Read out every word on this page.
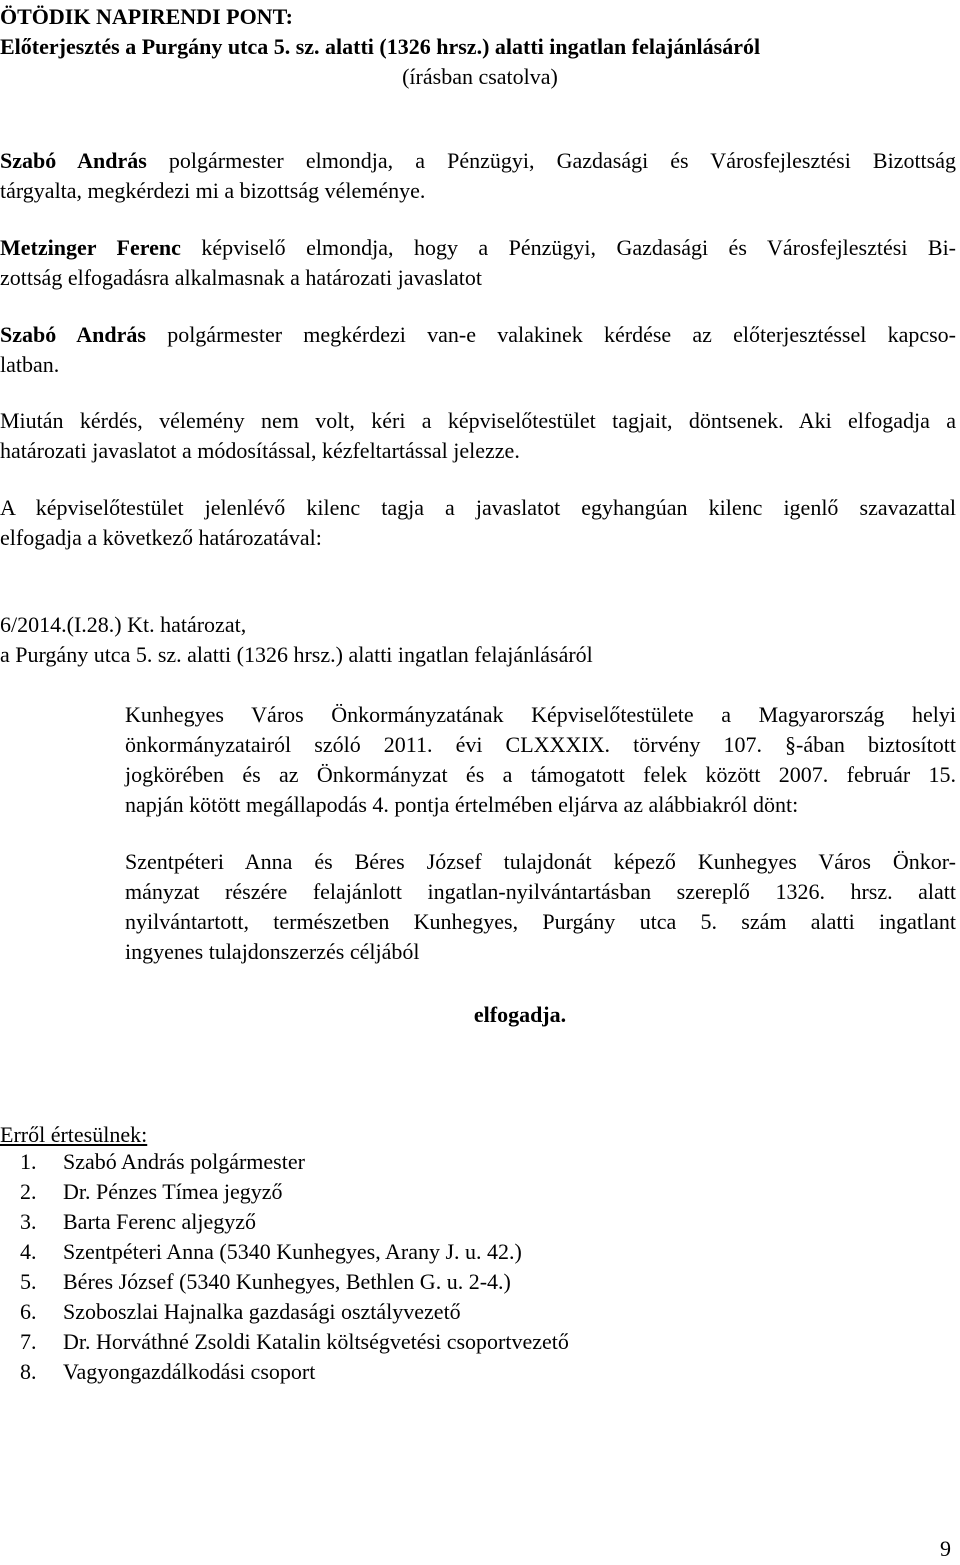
ÖTÖDIK NAPIRENDI PONT:
Előterjesztés a Purgány utca 5. sz. alatti (1326 hrsz.) alatti ingatlan felajánlásáról
(írásban csatolva)
Szabó András polgármester elmondja, a Pénzügyi, Gazdasági és Városfejlesztési Bizottság
tárgyalta, megkérdezi mi a bizottság véleménye.
Metzinger Ferenc képviselő elmondja, hogy a Pénzügyi, Gazdasági és Városfejlesztési Bi-
zottság elfogadásra alkalmasnak a határozati javaslatot
Szabó András polgármester megkérdezi van-e valakinek kérdése az előterjesztéssel kapcso-
latban.
Miután kérdés, vélemény nem volt, kéri a képviselőtestület tagjait, döntsenek. Aki elfogadja a
határozati javaslatot a módosítással, kézfeltartással jelezze.
A képviselőtestület jelenlévő kilenc tagja a javaslatot egyhangúan kilenc igenlő szavazattal
elfogadja a következő határozatával:
6/2014.(I.28.) Kt. határozat,
a Purgány utca 5. sz. alatti (1326 hrsz.) alatti ingatlan felajánlásáról
Kunhegyes Város Önkormányzatának Képviselőtestülete a Magyarország helyi
önkormányzatairól szóló 2011. évi CLXXXIX. törvény 107. §-ában biztosított
jogkörében és az Önkormányzat és a támogatott felek között 2007. február 15.
napján kötött megállapodás 4. pontja értelmében eljárva az alábbiakról dönt:
Szentpéteri Anna és Béres József tulajdonát képező Kunhegyes Város Önkor-
mányzat részére felajánlott ingatlan-nyilvántartásban szereplő 1326. hrsz. alatt
nyilvántartott, természetben Kunhegyes, Purgány utca 5. szám alatti ingatlant
ingyenes tulajdonszerzés céljából
elfogadja.
Erről értesülnek:
1. Szabó András polgármester
2. Dr. Pénzes Tímea jegyző
3. Barta Ferenc aljegyző
4. Szentpéteri Anna (5340 Kunhegyes, Arany J. u. 42.)
5. Béres József (5340 Kunhegyes, Bethlen G. u. 2-4.)
6. Szoboszlai Hajnalka gazdasági osztályvezető
7. Dr. Horváthné Zsoldi Katalin költségvetési csoportvezető
8. Vagyongazdálkodási csoport
9
